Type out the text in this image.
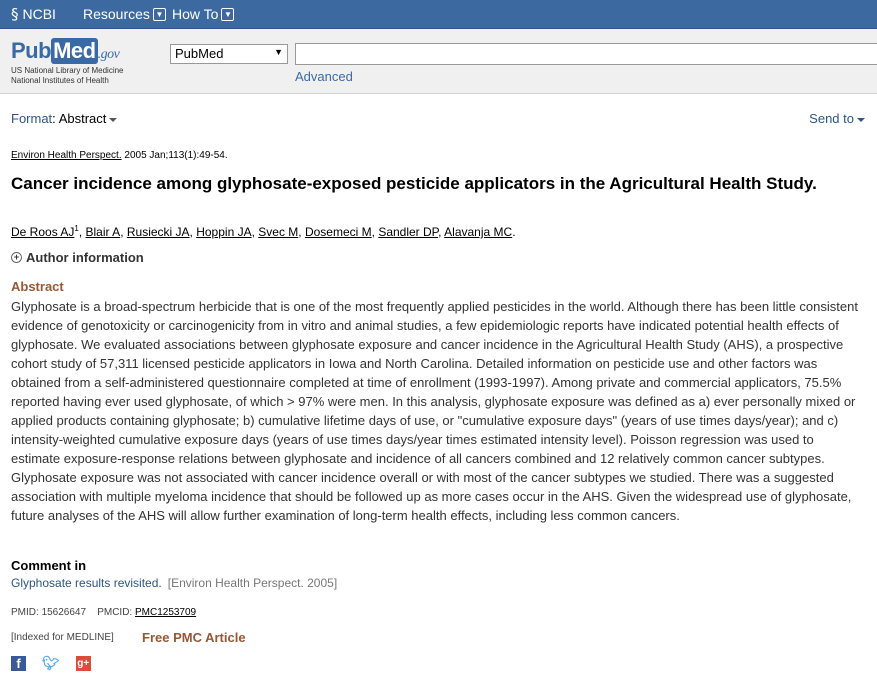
§ NCBI Resources ▼ How To ▼
PubMed .gov
US National Library of Medicine
National Institutes of Health
PubMed	▼
Advanced
Format: Abstract	Send to
Environ Health Perspect. 2005 Jan;113(1):49-54.
Cancer incidence among glyphosate-exposed pesticide applicators in the Agricultural Health Study.
De Roos $AJ^1$, Blair A, Rusiecki JA, Hoppin JA, Svec M, Dosemeci M, Sandler DP, Alavanja MC.
+ Author information
Abstract
Glyphosate is a broad-spectrum herbicide that is one of the most frequently applied pesticides in the world. Although there has been little consistent evidence of genotoxicity or carcinogenicity from in vitro and animal studies, a few epidemiologic reports have indicated potential health effects of glyphosate. We evaluated associations between glyphosate exposure and cancer incidence in the Agricultural Health Study (AHS), a prospective cohort study of 57,311 licensed pesticide applicators in Iowa and North Carolina. Detailed information on pesticide use and other factors was obtained from a self-administered questionnaire completed at time of enrollment (1993-1997). Among private and commercial applicators, 75.5% reported having ever used glyphosate, of which > 97% were men. In this analysis, glyphosate exposure was defined as a) ever personally mixed or applied products containing glyphosate; b) cumulative lifetime days of use, or "cumulative exposure days" (years of use times days/year); and c) intensity-weighted cumulative exposure days (years of use times days/year times estimated intensity level). Poisson regression was used to estimate exposure-response relations between glyphosate and incidence of all cancers combined and 12 relatively common cancer subtypes. Glyphosate exposure was not associated with cancer incidence overall or with most of the cancer subtypes we studied. There was a suggested association with multiple myeloma incidence that should be followed up as more cases occur in the AHS. Given the widespread use of glyphosate, future analyses of the AHS will allow further examination of long-term health effects, including less common cancers.
Comment in
Glyphosate results revisited. [Environ Health Perspect. 2005]
PMID: 15626647 PMCID: PMC1253709
[Indexed for MEDLINE] Free PMC Article
f	🐦︎ g+
